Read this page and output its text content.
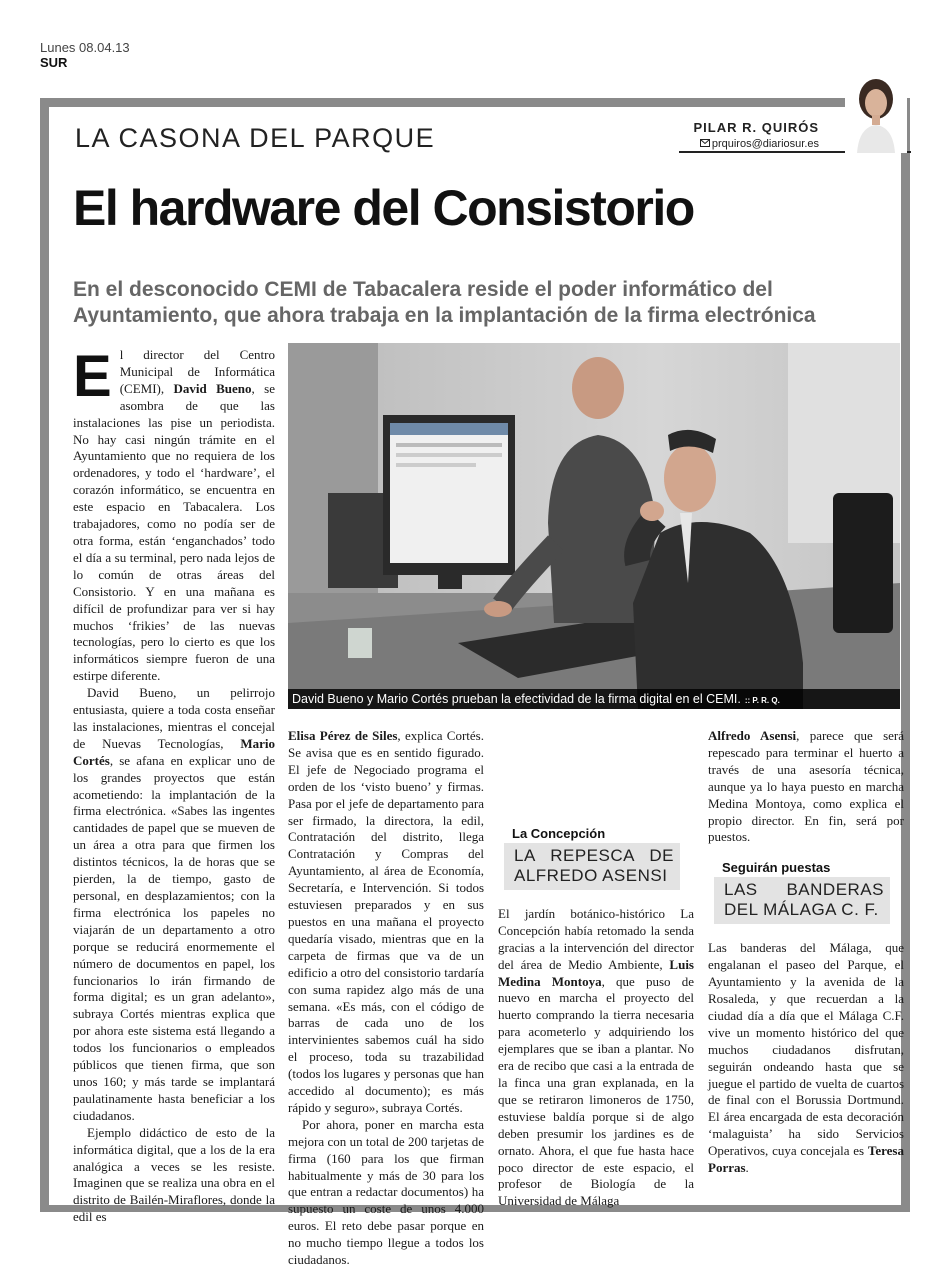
Lunes 08.04.13
SUR
LA CASONA DEL PARQUE	PILAR R. QUIRÓS
prquiros@diariosur.es
El hardware del Consistorio
En el desconocido CEMI de Tabacalera reside el poder informático del Ayuntamiento, que ahora trabaja en la implantación de la firma electrónica
David Bueno y Mario Cortés prueban la efectividad de la firma digital en el CEMI. :: P. R. Q.
E l director del Centro Municipal de Informática (CEMI), David Bueno, se asombra de que las instalaciones las pise un periodista. No hay casi ningún trámite en el Ayuntamiento que no requiera de los ordenadores, y todo el ‘hardware’, el corazón informático, se encuentra en este espacio en Tabacalera. Los trabajadores, como no podía ser de otra forma, están ‘enganchados’ todo el día a su terminal, pero nada lejos de lo común de otras áreas del Consistorio. Y en una mañana es difícil de profundizar para ver si hay muchos ‘frikies’ de las nuevas tecnologías, pero lo cierto es que los informáticos siempre fueron de una estirpe diferente.

David Bueno, un pelirrojo entusiasta, quiere a toda costa enseñar las instalaciones, mientras el concejal de Nuevas Tecnologías, Mario Cortés, se afana en explicar uno de los grandes proyectos que están acometiendo: la implantación de la firma electrónica. «Sabes las ingentes cantidades de papel que se mueven de un área a otra para que firmen los distintos técnicos, la de horas que se pierden, la de tiempo, gasto de personal, en desplazamientos; con la firma electrónica los papeles no viajarán de un departamento a otro porque se reducirá enormemente el número de documentos en papel, los funcionarios lo irán firmando de forma digital; es un gran adelanto», subraya Cortés mientras explica que por ahora este sistema está llegando a todos los funcionarios o empleados públicos que tienen firma, que son unos 160; y más tarde se implantará paulatinamente hasta beneficiar a los ciudadanos.

Ejemplo didáctico de esto de la informática digital, que a los de la era analógica a veces se les resiste. Imaginen que se realiza una obra en el distrito de Bailén-Miraflores, donde la edil es

Elisa Pérez de Siles, explica Cortés. Se avisa que es en sentido figurado. El jefe de Negociado programa el orden de los ‘visto bueno’ y firmas. Pasa por el jefe de departamento para ser firmado, la directora, la edil, Contratación del distrito, llega Contratación y Compras del Ayuntamiento, al área de Economía, Secretaría, e Intervención. Si todos estuviesen preparados y en sus puestos en una mañana el proyecto quedaría visado, mientras que en la carpeta de firmas que va de un edificio a otro del consistorio tardaría con suma rapidez algo más de una semana. «Es más, con el código de barras de cada uno de los intervinientes sabemos cuál ha sido el proceso, toda su trazabilidad (todos los lugares y personas que han accedido al documento); es más rápido y seguro», subraya Cortés.

Por ahora, poner en marcha esta mejora con un total de 200 tarjetas de firma (160 para los que firman habitualmente y más de 30 para los que entran a redactar documentos) ha supuesto un coste de unos 4.000 euros. El reto debe pasar porque en no mucho tiempo llegue a todos los ciudadanos.

La Concepción
LA REPESCA DE ALFREDO ASENSI

El jardín botánico-histórico La Concepción había retomado la senda gracias a la intervención del director del área de Medio Ambiente, Luis Medina Montoya, que puso de nuevo en marcha el proyecto del huerto comprando la tierra necesaria para acometerlo y adquiriendo los ejemplares que se iban a plantar. No era de recibo que casi a la entrada de la finca una gran explanada, en la que se retiraron limoneros de 1750, estuviese baldía porque si de algo deben presumir los jardines es de ornato. Ahora, el que fue hasta hace poco director de este espacio, el profesor de Biología de la Universidad de Málaga

Alfredo Asensi, parece que será repescado para terminar el huerto a través de una asesoría técnica, aunque ya lo haya puesto en marcha Medina Montoya, como explica el propio director. En fin, será por puestos.

Seguirán puestas
LAS BANDERAS DEL MÁLAGA C. F.

Las banderas del Málaga, que engalanan el paseo del Parque, el Ayuntamiento y la avenida de la Rosaleda, y que recuerdan a la ciudad día a día que el Málaga C.F. vive un momento histórico del que muchos ciudadanos disfrutan, seguirán ondeando hasta que se juegue el partido de vuelta de cuartos de final con el Borussia Dortmund. El área encargada de esta decoración ‘malaguista’ ha sido Servicios Operativos, cuya concejala es Teresa Porras.
